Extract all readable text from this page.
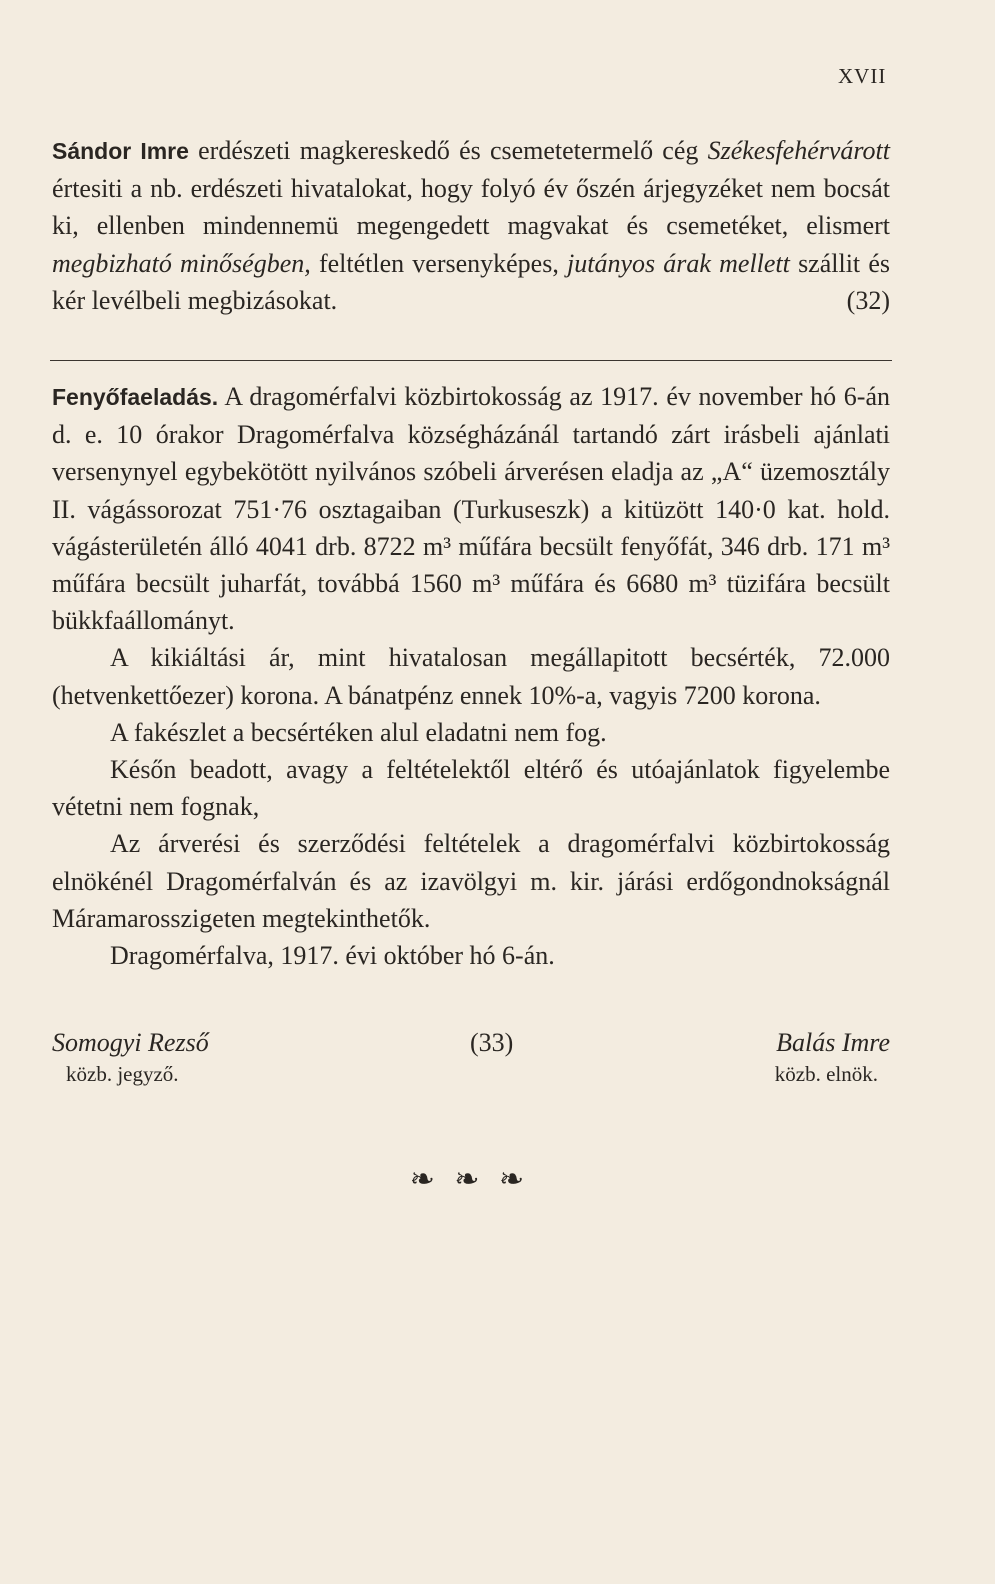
XVII
Sándor Imre erdészeti magkereskedő és csemetetermelő cég Székesfehérvárott értesiti a nb. erdészeti hivatalokat, hogy folyó év őszén árjegyzéket nem bocsát ki, ellenben mindennemü megengedett magvakat és csemetéket, elismert megbizható minőségben, feltétlen versenyképes, jutányos árak mellett szállit és kér levélbeli megbizásokat.	(32)

Fenyőfaeladás. A dragomérfalvi közbirtokosság az 1917. év november hó 6-án d. e. 10 órakor Dragomérfalva községházánál tartandó zárt irásbeli ajánlati versenynyel egybekötött nyilvános szóbeli árverésen eladja az „A“ üzemosztály II. vágássorozat 751·76 osztagaiban (Turkuseszk) a kitüzött 140·0 kat. hold. vágásterületén álló 4041 drb. 8722 m³ műfára becsült fenyőfát, 346 drb. 171 m³ műfára becsült juharfát, továbbá 1560 m³ műfára és 6680 m³ tüzifára becsült bükkfaállományt.

A kikiáltási ár, mint hivatalosan megállapitott becsérték, 72.000 (hetvenkettőezer) korona. A bánatpénz ennek 10%-a, vagyis 7200 korona.

A fakészlet a becsértéken alul eladatni nem fog.

Későn beadott, avagy a feltételektől eltérő és utóajánlatok figyelembe vétetni nem fognak,

Az árverési és szerződési feltételek a dragomérfalvi közbirtokosság elnökénél Dragomérfalván és az izavölgyi m. kir. járási erdőgondnokságnál Máramarosszigeten megtekinthetők.

Dragomérfalva, 1917. évi október hó 6-án.

Somogyi Rezső	(33)	Balás Imre
közb. jegyző.	közb. elnök.
❧ ❧ ❧
